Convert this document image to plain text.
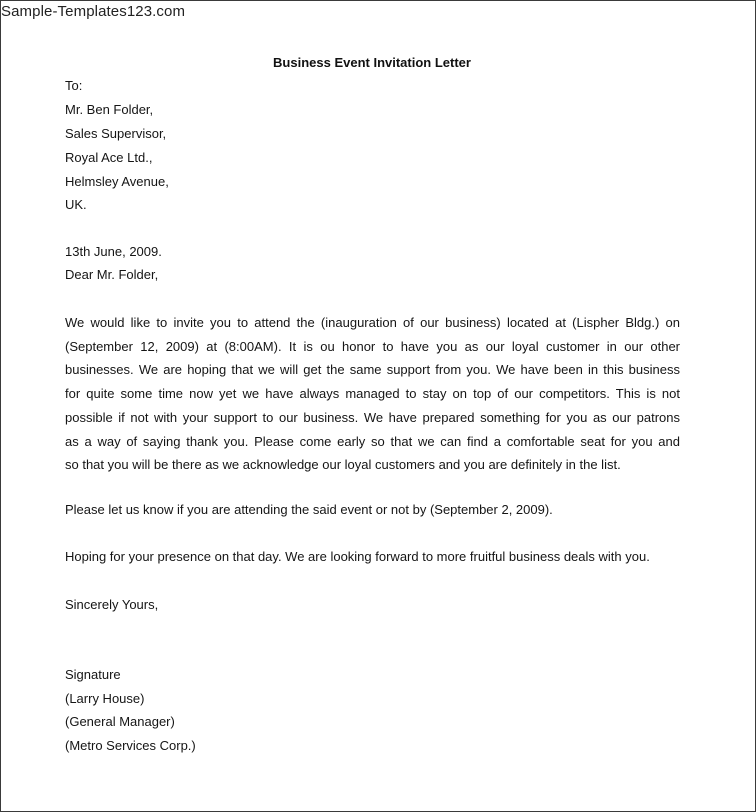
Sample-Templates123.com
Business Event Invitation Letter
To:
Mr. Ben Folder,
Sales Supervisor,
Royal Ace Ltd.,
Helmsley Avenue,
UK.
13th June, 2009.
Dear Mr. Folder,
We would like to invite you to attend the (inauguration of our business) located at (Lispher Bldg.) on
(September 12, 2009) at (8:00AM). It is ou honor to have you as our loyal customer in our other
businesses. We are hoping that we will get the same support from you. We have been in this business
for quite some time now yet we have always managed to stay on top of our competitors. This is not
possible if not with your support to our business. We have prepared something for you as our patrons
as a way of saying thank you. Please come early so that we can find a comfortable seat for you and
so that you will be there as we acknowledge our loyal customers and you are definitely in the list.
Please let us know if you are attending the said event or not by (September 2, 2009).
Hoping for your presence on that day. We are looking forward to more fruitful business deals with you.
Sincerely Yours,
Signature
(Larry House)
(General Manager)
(Metro Services Corp.)
